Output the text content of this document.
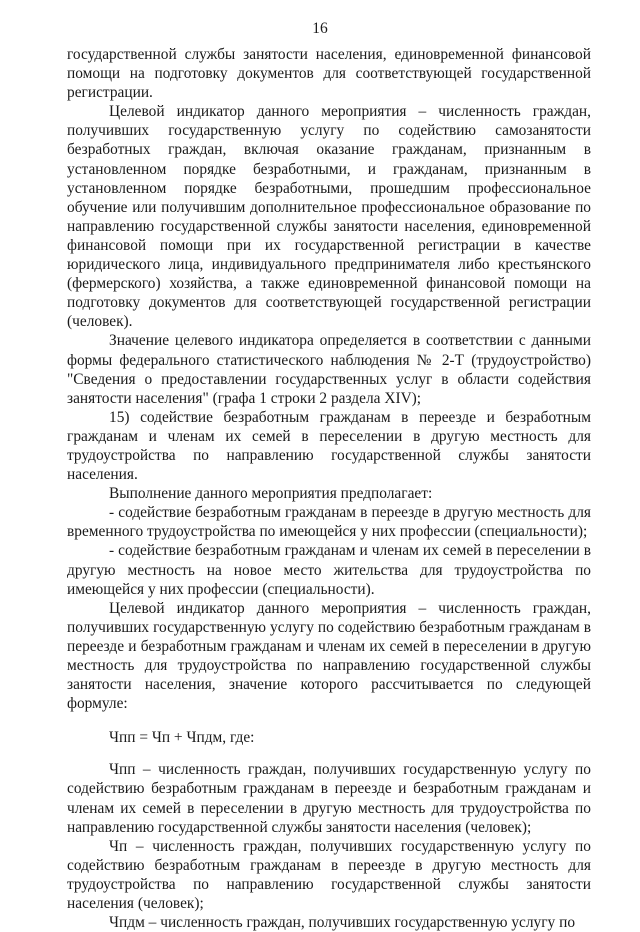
16

государственной службы занятости населения, единовременной финансовой помощи на подготовку документов для соответствующей государственной регистрации.

Целевой индикатор данного мероприятия – численность граждан, получивших государственную услугу по содействию самозанятости безработных граждан, включая оказание гражданам, признанным в установленном порядке безработными, и гражданам, признанным в установленном порядке безработными, прошедшим профессиональное обучение или получившим дополнительное профессиональное образование по направлению государственной службы занятости населения, единовременной финансовой помощи при их государственной регистрации в качестве юридического лица, индивидуального предпринимателя либо крестьянского (фермерского) хозяйства, а также единовременной финансовой помощи на подготовку документов для соответствующей государственной регистрации (человек).

Значение целевого индикатора определяется в соответствии с данными формы федерального статистического наблюдения № 2-Т (трудоустройство) "Сведения о предоставлении государственных услуг в области содействия занятости населения" (графа 1 строки 2 раздела XIV);

15) содействие безработным гражданам в переезде и безработным гражданам и членам их семей в переселении в другую местность для трудоустройства по направлению государственной службы занятости населения.

Выполнение данного мероприятия предполагает:

- содействие безработным гражданам в переезде в другую местность для временного трудоустройства по имеющейся у них профессии (специальности);

- содействие безработным гражданам и членам их семей в переселении в другую местность на новое место жительства для трудоустройства по имеющейся у них профессии (специальности).

Целевой индикатор данного мероприятия – численность граждан, получивших государственную услугу по содействию безработным гражданам в переезде и безработным гражданам и членам их семей в переселении в другую местность для трудоустройства по направлению государственной службы занятости населения, значение которого рассчитывается по следующей формуле:

Чпп = Чп + Чпдм, где:

Чпп – численность граждан, получивших государственную услугу по содействию безработным гражданам в переезде и безработным гражданам и членам их семей в переселении в другую местность для трудоустройства по направлению государственной службы занятости населения (человек);

Чп – численность граждан, получивших государственную услугу по содействию безработным гражданам в переезде в другую местность для трудоустройства по направлению государственной службы занятости населения (человек);

Чпдм – численность граждан, получивших государственную услугу по
